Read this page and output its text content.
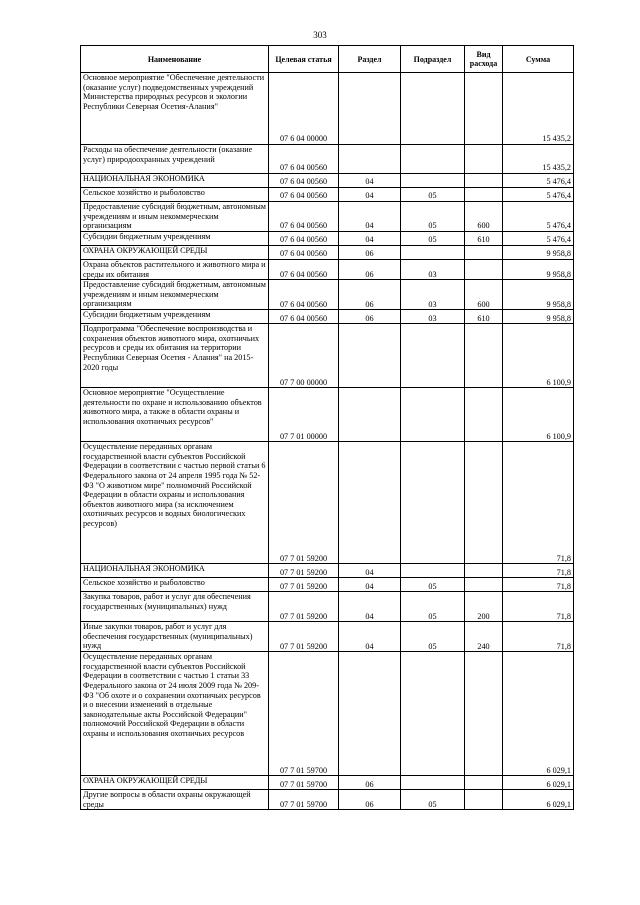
303
Наименование	Целевая статья	Раздел	Подраздел	Вид расхода	Сумма
Основное мероприятие "Обеспечение деятельности (оказание услуг) подведомственных учреждений Министерства природных ресурсов и экологии Республики Северная Осетия-Алания"	07 6 04 00000				15 435,2
Расходы на обеспечение деятельности (оказание услуг) природоохранных учреждений	07 6 04 00560				15 435,2
НАЦИОНАЛЬНАЯ ЭКОНОМИКА	07 6 04 00560	04			5 476,4
Сельское хозяйство и рыболовство	07 6 04 00560	04	05		5 476,4
Предоставление субсидий бюджетным, автономным учреждениям и иным некоммерческим организациям	07 6 04 00560	04	05	600	5 476,4
Субсидии бюджетным учреждениям	07 6 04 00560	04	05	610	5 476,4
ОХРАНА ОКРУЖАЮЩЕЙ СРЕДЫ	07 6 04 00560	06			9 958,8
Охрана объектов растительного и животного мира и среды их обитания	07 6 04 00560	06	03		9 958,8
Предоставление субсидий бюджетным, автономным учреждениям и иным некоммерческим организациям	07 6 04 00560	06	03	600	9 958,8
Субсидии бюджетным учреждениям	07 6 04 00560	06	03	610	9 958,8
Подпрограмма "Обеспечение воспроизводства и сохранения объектов животного мира, охотничьих ресурсов и среды их обитания на территории Республики Северная Осетия - Алания" на 2015-2020 годы	07 7 00 00000				6 100,9
Основное мероприятие "Осуществление деятельности по охране и использованию объектов животного мира, а также в области охраны и использования охотничьих ресурсов"	07 7 01 00000				6 100,9
Осуществление переданных органам государственной власти субъектов Российской Федерации в соответствии с частью первой статьи 6 Федерального закона от 24 апреля 1995 года № 52-ФЗ "О животном мире" полномочий Российской Федерации в области охраны и использования объектов животного мира (за исключением охотничьих ресурсов и водных биологических ресурсов)	07 7 01 59200				71,8
НАЦИОНАЛЬНАЯ ЭКОНОМИКА	07 7 01 59200	04			71,8
Сельское хозяйство и рыболовство	07 7 01 59200	04	05		71,8
Закупка товаров, работ и услуг для обеспечения государственных (муниципальных) нужд	07 7 01 59200	04	05	200	71,8
Иные закупки товаров, работ и услуг для обеспечения государственных (муниципальных) нужд	07 7 01 59200	04	05	240	71,8
Осуществление переданных органам государственной власти субъектов Российской Федерации в соответствии с частью 1 статьи 33 Федерального закона от 24 июля 2009 года № 209-ФЗ "Об охоте и о сохранении охотничьих ресурсов и о внесении изменений в отдельные законодательные акты Российской Федерации" полномочий Российской Федерации в области охраны и использования охотничьих ресурсов	07 7 01 59700				6 029,1
ОХРАНА ОКРУЖАЮЩЕЙ СРЕДЫ	07 7 01 59700	06			6 029,1
Другие вопросы в области охраны окружающей среды	07 7 01 59700	06	05		6 029,1
